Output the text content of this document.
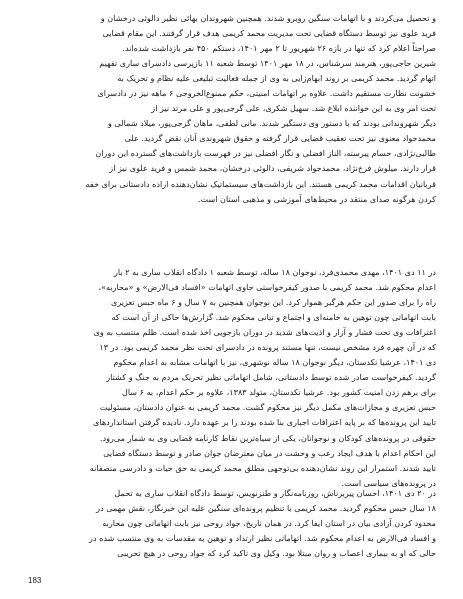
و تحصیل می‌کردند و با اتهامات سنگین روبرو شدند. همچنین شهروندان بهائی نظیر دالوئی درخشان و
فرید علوی نیز توسط دستگاه قضایی تحت مدیریت محمد کریمی هدف قرار گرفتند. این مقام قضایی
صراحتاً اعلام کرد که تنها در بازه ۲۶ شهریور تا ۲ مهر ۱۴۰۱، دستکم ۴۵۰ نفر بازداشت شده‌اند.
شیرین حاجی‌پور، هنرمند سرشناس، در ۱۸ مهر ۱۴۰۱ توسط شعبه ۱۱ بازپرسی دادسرای ساری تفهیم
اتهام گردید. محمد کریمی بر روند ابهام‌زایی به وی از جمله فعالیت تبلیغی علیه نظام و تحریک به
خشونت نظارت مستقیم داشت. علاوه بر اتهامات امنیتی، حکم ممنوع‌الخروجی ۶ ماهه نیز در دادسرای
تحت امر وی به این خواننده ابلاغ شد. سهیل شکری، علی گرجی‌پور و علی مرتد نیز از
دیگر شهروندانی بودند که با دستور وی دستگیر شدند. مانی لطفی، ماهان گرجی‌پور، میلاد شمالی و
محمدجواد معنوی نیز تحت تعقیب قضایی قرار گرفته و حقوق شهروندی آنان نقض گردید. علی
طالبی‌نژادی، حسام پیرسته، الناز افضلی و نگار افضلی نیز در فهرست بازداشت‌های گسترده این دوران
قرار دارند. میلوش فرخ‌نژاد، محمدجواد شریفی، دالوئی درخشان، محمد شمس و فرید علوی نیز از
قربانیان اقدامات محمد کریمی هستند. این بازداشت‌های سیستماتیک نشان‌دهنده اراده دادستانی برای خفه
کردن هرگونه صدای منتقد در محیط‌های آموزشی و مذهبی استان است.
در ۱۱ دی ۱۴۰۱، مهدی محمدی‌فرد، نوجوان ۱۸ ساله، توسط شعبه ۱ دادگاه انقلاب ساری به ۲ بار
اعدام محکوم شد. محمد کریمی با صدور کیفرخواستی حاوی اتهامات «افساد فی‌الارض» و «محاربه»،
راه را برای صدور این حکم هرگیر هموار کرد. این نوجوان همچنین به ۷ سال و ۶ ماه حبس تعزیری
بابت اتهاماتی چون توهین به خامنه‌ای و اجتماع و تبانی محکوم شد. گزارش‌ها حاکی از آن است که
اعترافات وی تحت فشار و آزار و اذیت‌های شدید در دوران بازجویی اخذ شده است. ظلم منتسب به وی
که در آن چهره فرد مشخص نیست، تنها مستند پرونده در دادسرای تحت نظر محمد کریمی بود. در ۱۳
دی ۱۴۰۱، عرشیا تکدستان، دیگر نوجوان ۱۸ ساله نوشهری، نیز با اتهامات مشابه به اعدام محکوم
گردید. کیفرخواست صادر شده توسط دادستانی، شامل اتهاماتی نظیر تحریک مردم به جنگ و کشتار
برای برهم زدن امنیت کشور بود. عرشیا تکدستان، متولد ۱۳۸۳، علاوه بر حکم اعدام، به ۶ سال
حبس تعزیری و مجازات‌های مکمل دیگر نیز محکوم گشت. محمد کریمی به عنوان دادستان، مسئولیت
تایید این پرونده‌ها که بر پایه اعترافات اجباری بنا شده بودند را بر عهده دارد. نادیده گرفتن استانداردهای
حقوقی در پرونده‌های کودکان و نوجوانان، یکی از سیاه‌ترین نقاط کارنامه قضایی وی به شمار می‌رود.
این احکام اعدام با هدف ایجاد رعب و وحشت در میان معترضان جوان صادر و توسط دستگاه قضایی
تایید شدند. استمرار این روند نشان‌دهنده بی‌توجهی مطلق محمد کریمی به حق حیات و دادرسی منصفانه
در پرونده‌های سیاسی است.
در ۲۰ دی ۱۴۰۱، احسان پیربرناش، روزنامه‌نگار و طنزنویس، توسط دادگاه انقلاب ساری به تحمل
۱۸ سال حبس محکوم گردید. محمد کریمی با تنظیم پرونده‌ای سنگین علیه این خبرنگار، نقش مهمی در
محدود کردن آزادی بیان در استان ایفا کرد. در همان تاریخ، جواد روحی نیز بابت اتهاماتی چون محاربه
و افساد فی‌الارض به اعدام محکوم شد. اتهاماتی نظیر ارتداد و توهین به مقدسات به وی منتسب شده در
حالی که او به بیماری اعصاب و روان مبتلا بود. وکیل وی تاکید کرد که جواد روحی در هیچ تحریبی
183
